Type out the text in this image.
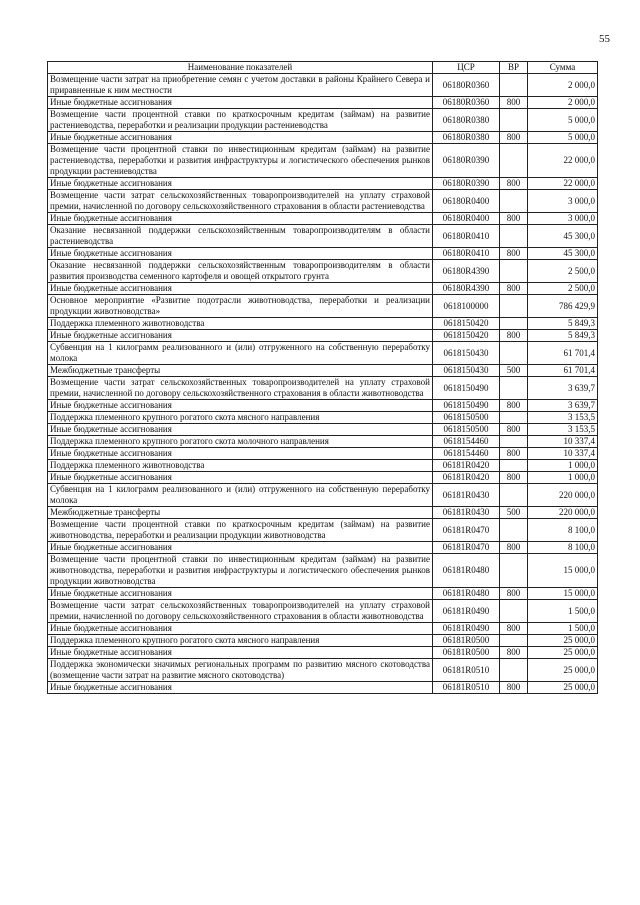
55
Наименование показателей	ЦСР	ВР	Сумма
Возмещение части затрат на приобретение семян с учетом доставки в районы Крайнего Севера и приравненные к ним местности	06180R0360		2 000,0
Иные бюджетные ассигнования	06180R0360	800	2 000,0
Возмещение части процентной ставки по краткосрочным кредитам (займам) на развитие растениеводства, переработки и реализации продукции растениеводства	06180R0380		5 000,0
Иные бюджетные ассигнования	06180R0380	800	5 000,0
Возмещение части процентной ставки по инвестиционным кредитам (займам) на развитие растениеводства, переработки и развития инфраструктуры и логистического обеспечения рынков продукции растениеводства	06180R0390		22 000,0
Иные бюджетные ассигнования	06180R0390	800	22 000,0
Возмещение части затрат сельскохозяйственных товаропроизводителей на уплату страховой премии, начисленной по договору сельскохозяйственного страхования в области растениеводства	06180R0400		3 000,0
Иные бюджетные ассигнования	06180R0400	800	3 000,0
Оказание несвязанной поддержки сельскохозяйственным товаропроизводителям в области растениеводства	06180R0410		45 300,0
Иные бюджетные ассигнования	06180R0410	800	45 300,0
Оказание несвязанной поддержки сельскохозяйственным товаропроизводителям в области развития производства семенного картофеля и овощей открытого грунта	06180R4390		2 500,0
Иные бюджетные ассигнования	06180R4390	800	2 500,0
Основное мероприятие «Развитие подотрасли животноводства, переработки и реализации продукции животноводства»	0618100000		786 429,9
Поддержка племенного животноводства	0618150420		5 849,3
Иные бюджетные ассигнования	0618150420	800	5 849,3
Субвенция на 1 килограмм реализованного и (или) отгруженного на собственную переработку молока	0618150430		61 701,4
Межбюджетные трансферты	0618150430	500	61 701,4
Возмещение части затрат сельскохозяйственных товаропроизводителей на уплату страховой премии, начисленной по договору сельскохозяйственного страхования в области животноводства	0618150490		3 639,7
Иные бюджетные ассигнования	0618150490	800	3 639,7
Поддержка племенного крупного рогатого скота мясного направления	0618150500		3 153,5
Иные бюджетные ассигнования	0618150500	800	3 153,5
Поддержка племенного крупного рогатого скота молочного направления	0618154460		10 337,4
Иные бюджетные ассигнования	0618154460	800	10 337,4
Поддержка племенного животноводства	06181R0420		1 000,0
Иные бюджетные ассигнования	06181R0420	800	1 000,0
Субвенция на 1 килограмм реализованного и (или) отгруженного на собственную переработку молока	06181R0430		220 000,0
Межбюджетные трансферты	06181R0430	500	220 000,0
Возмещение части процентной ставки по краткосрочным кредитам (займам) на развитие животноводства, переработки и реализации продукции животноводства	06181R0470		8 100,0
Иные бюджетные ассигнования	06181R0470	800	8 100,0
Возмещение части процентной ставки по инвестиционным кредитам (займам) на развитие животноводства, переработки и развития инфраструктуры и логистического обеспечения рынков продукции животноводства	06181R0480		15 000,0
Иные бюджетные ассигнования	06181R0480	800	15 000,0
Возмещение части затрат сельскохозяйственных товаропроизводителей на уплату страховой премии, начисленной по договору сельскохозяйственного страхования в области животноводства	06181R0490		1 500,0
Иные бюджетные ассигнования	06181R0490	800	1 500,0
Поддержка племенного крупного рогатого скота мясного направления	06181R0500		25 000,0
Иные бюджетные ассигнования	06181R0500	800	25 000,0
Поддержка экономически значимых региональных программ по развитию мясного скотоводства (возмещение части затрат на развитие мясного скотоводства)	06181R0510		25 000,0
Иные бюджетные ассигнования	06181R0510	800	25 000,0
